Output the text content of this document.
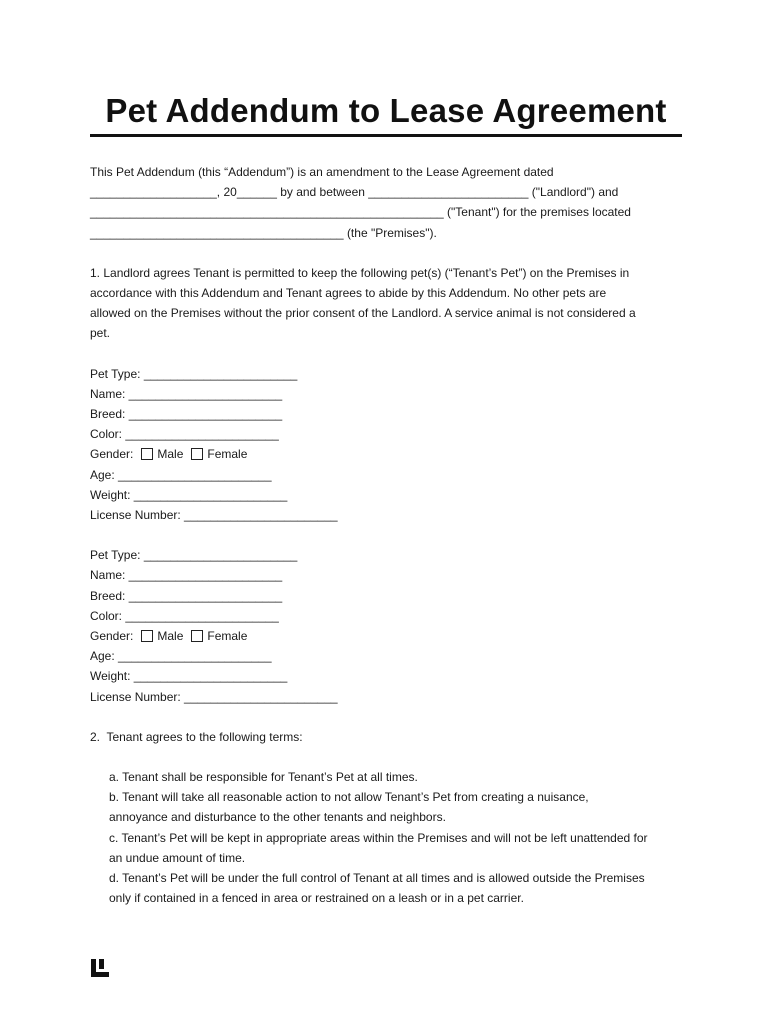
Pet Addendum to Lease Agreement
This Pet Addendum (this “Addendum”) is an amendment to the Lease Agreement dated
___________________, 20______ by and between ________________________ ("Landlord") and
_____________________________________________________ ("Tenant") for the premises located
______________________________________ (the "Premises").
1. Landlord agrees Tenant is permitted to keep the following pet(s) (“Tenant’s Pet”) on the Premises in
accordance with this Addendum and Tenant agrees to abide by this Addendum. No other pets are
allowed on the Premises without the prior consent of the Landlord. A service animal is not considered a
pet.
Pet Type: _______________________
Name: _______________________
Breed: _______________________
Color: _______________________
Gender: Male Female
Age: _______________________
Weight: _______________________
License Number: _______________________
Pet Type: _______________________
Name: _______________________
Breed: _______________________
Color: _______________________
Gender: Male Female
Age: _______________________
Weight: _______________________
License Number: _______________________
2.  Tenant agrees to the following terms:
a. Tenant shall be responsible for Tenant’s Pet at all times.
b. Tenant will take all reasonable action to not allow Tenant’s Pet from creating a nuisance,
annoyance and disturbance to the other tenants and neighbors.
c. Tenant’s Pet will be kept in appropriate areas within the Premises and will not be left unattended for
an undue amount of time.
d. Tenant’s Pet will be under the full control of Tenant at all times and is allowed outside the Premises
only if contained in a fenced in area or restrained on a leash or in a pet carrier.
